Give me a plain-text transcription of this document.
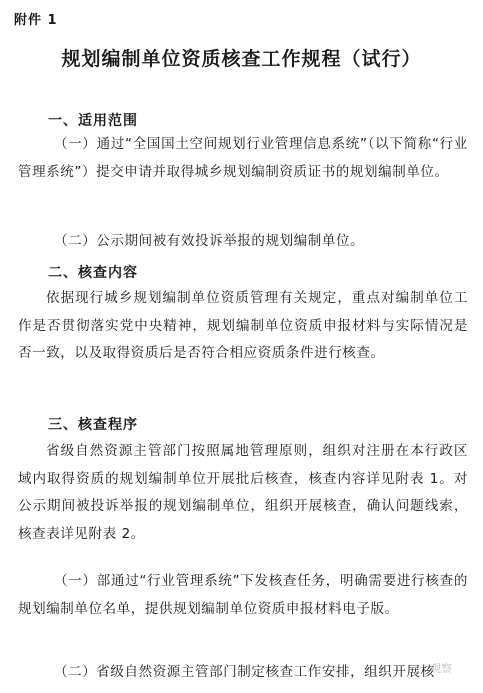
附件 1
规划编制单位资质核查工作规程（试行）
一、适用范围
（一）通过“全国国土空间规划行业管理信息系统”（以下简称“行业管理系统”）提交申请并取得城乡规划编制资质证书的规划编制单位。
（二）公示期间被有效投诉举报的规划编制单位。
二、核查内容
依据现行城乡规划编制单位资质管理有关规定，重点对编制单位工作是否贯彻落实党中央精神，规划编制单位资质申报材料与实际情况是否一致，以及取得资质后是否符合相应资质条件进行核查。
三、核查程序
省级自然资源主管部门按照属地管理原则，组织对注册在本行政区域内取得资质的规划编制单位开展批后核查，核查内容详见附表 1。对公示期间被投诉举报的规划编制单位，组织开展核查，确认问题线索，核查表详见附表 2。
（一）部通过“行业管理系统”下发核查任务，明确需要进行核查的规划编制单位名单，提供规划编制单位资质申报材料电子版。
（二）省级自然资源主管部门制定核查工作安排，组织开展核
观察
